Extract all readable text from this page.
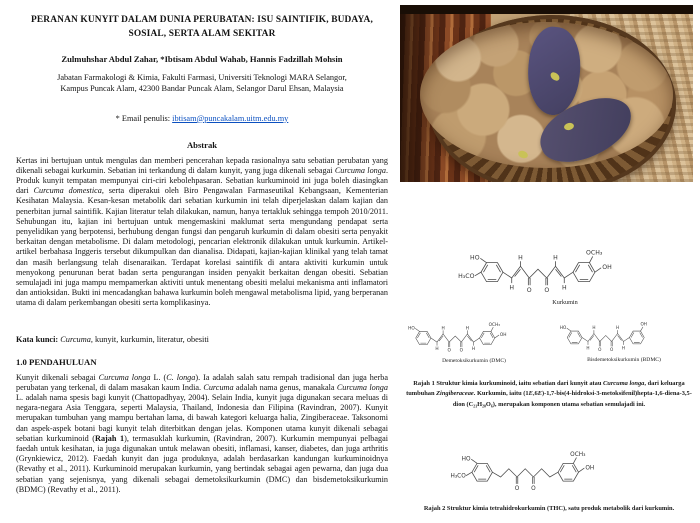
PERANAN KUNYIT DALAM DUNIA PERUBATAN: ISU SAINTIFIK, BUDAYA, SOSIAL, SERTA ALAM SEKITAR
Zulmuhshar Abdul Zahar, *Ibtisam Abdul Wahab, Hannis Fadzillah Mohsin
Jabatan Farmakologi & Kimia, Fakulti Farmasi, Universiti Teknologi MARA Selangor,
Kampus Puncak Alam, 42300 Bandar Puncak Alam, Selangor Darul Ehsan, Malaysia
* Email penulis: ibtisam@puncakalam.uitm.edu.my
Abstrak

Kertas ini bertujuan untuk mengulas dan memberi pencerahan kepada rasionalnya satu sebatian perubatan yang dikenali sebagai kurkumin. Sebatian ini terkandung di dalam kunyit, yang juga dikenali sebagai Curcuma longa. Produk kunyit tempatan mempunyai ciri-ciri kebolehpasaran. Sebatian kurkuminoid ini juga boleh diasingkan dari Curcuma domestica, serta diperakui oleh Biro Pengawalan Farmaseutikal Kebangsaan, Kementerian Kesihatan Malaysia. Kesan-kesan metabolik dari sebatian kurkumin ini telah diperjelaskan dalam kajian dan penerbitan jurnal saintifik. Kajian literatur telah dilakukan, namun, hanya tertakluk sehingga tempoh 2010/2011. Sehubungan itu, kajian ini bertujuan untuk mengemaskini maklumat serta mengundang pendapat serta penyelidikan yang berpotensi, berhubung dengan fungsi dan pengaruh kurkumin di dalam obesiti serta penyakit berkaitan dengan metabolisme. Di dalam metodologi, pencarian elektronik dilakukan untuk kurkumin. Artikel-artikel berbahasa Inggeris tersebut dikumpulkan dan dianalisa. Didapati, kajian-kajian klinikal yang telah tamat dan masih berlangsung telah disenaraikan. Terdapat korelasi saintifik di antara aktiviti kurkumin untuk menyokong penurunan berat badan serta pengurangan insiden penyakit berkaitan dengan obesiti. Sebatian semulajadi ini juga mampu mempamerkan aktiviti untuk menentang obesiti melalui mekanisma anti inflamatori dan antioksidan. Bukti ini mencadangkan bahawa kurkumin boleh mengawal metabolisma lipid, yang berperanan utama di dalam perkembangan obesiti serta komplikasinya.

Kata kunci: Curcuma, kunyit, kurkumin, literatur, obesiti

1.0 PENDAHULUAN

Kunyit dikenali sebagai Curcuma longa L. (C. longa). Ia adalah salah satu rempah tradisional dan juga herba perubatan yang terkenal, di dalam masakan kaum India. Curcuma adalah nama genus, manakala Curcuma longa L. adalah nama spesis bagi kunyit (Chattopadhyay, 2004). Selain India, kunyit juga digunakan secara meluas di negara-negara Asia Tenggara, seperti Malaysia, Thailand, Indonesia dan Filipina (Ravindran, 2007). Kunyit merupakan tumbuhan yang mampu bertahan lama, di bawah kategori keluarga halia, Zingiberaceae. Taksonomi dan aspek-aspek botani bagi kunyit telah diterbitkan dengan jelas. Komponen utama kunyit dikenali sebagai sebatian kurkuminoid (Rajah 1), termasuklah kurkumin, (Ravindran, 2007). Kurkumin mempunyai pelbagai faedah untuk kesihatan, ia juga digunakan untuk melawan obesiti, inflamasi, kanser, diabetes, dan juga arthritis (Grynkiewicz, 2012). Faedah kunyit dan juga produknya, adalah berdasarkan kandungan kurkuminoidnya (Revathy et al., 2011). Kurkuminoid merupakan kurkumin, yang bertindak sebagai agen pewarna, dan juga dua sebatian yang sejenisnya, yang dikenali sebagai demetoksikurkumin (DMC) dan bisdemetoksikurkumin (BDMC) (Revathy et al., 2011).

HO
H₃CO
OCH₃
OH
H
H	H
H
O O
Kurkumin
HO
OCH₃
OH
H
H H
H
O O
Demetoksikurkumin (DMC)
HO
OH
H
H H
H
O O
Bisdemetoksikurkumin (BDMC)
Rajah 1 Struktur kimia kurkuminoid, iaitu sebatian dari kunyit atau Curcuma longa, dari keluarga tumbuhan Zingiberaceae. Kurkumin, iaitu (1E,6E)-1,7-bis(4-hidroksi-3-metoksifenil)hepta-1,6-diena-3,5-dion (C₂₁H₂₀O₆), merupakan komponen utama sebatian semulajadi ini.
HO
H₃CO
OCH₃
OH
O O
Rajah 2 Struktur kimia tetrahidrokurkumin (THC), satu produk metabolik dari kurkumin.
